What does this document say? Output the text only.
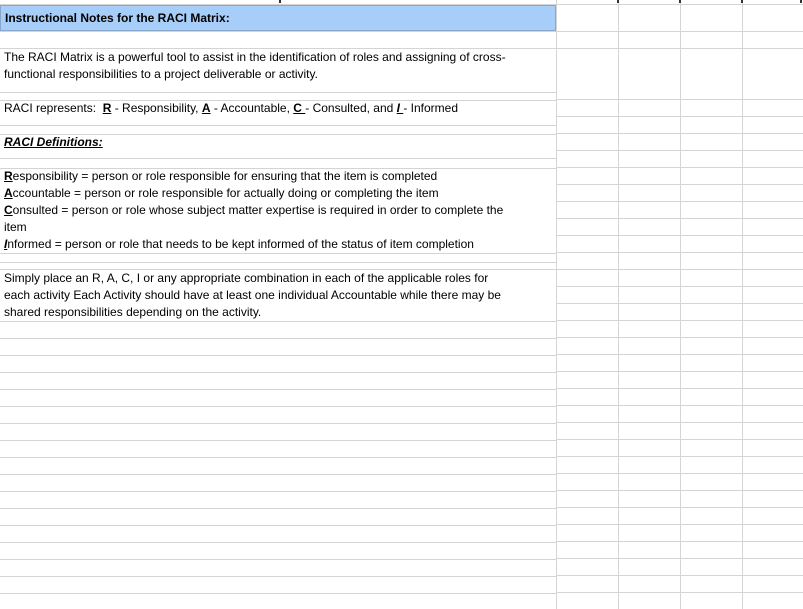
Instructional Notes for the RACI Matrix:
The RACI Matrix is a powerful tool to assist in the identification of roles and assigning of cross-
functional responsibilities to a project deliverable or activity.
RACI represents:  R - Responsibility, A - Accountable, C - Consulted, and I - Informed
RACI Definitions:
Responsibility = person or role responsible for ensuring that the item is completed
Accountable = person or role responsible for actually doing or completing the item
Consulted = person or role whose subject matter expertise is required in order to complete the
item
Informed = person or role that needs to be kept informed of the status of item completion
Simply place an R, A, C, I or any appropriate combination in each of the applicable roles for
each activity Each Activity should have at least one individual Accountable while there may be
shared responsibilities depending on the activity.
